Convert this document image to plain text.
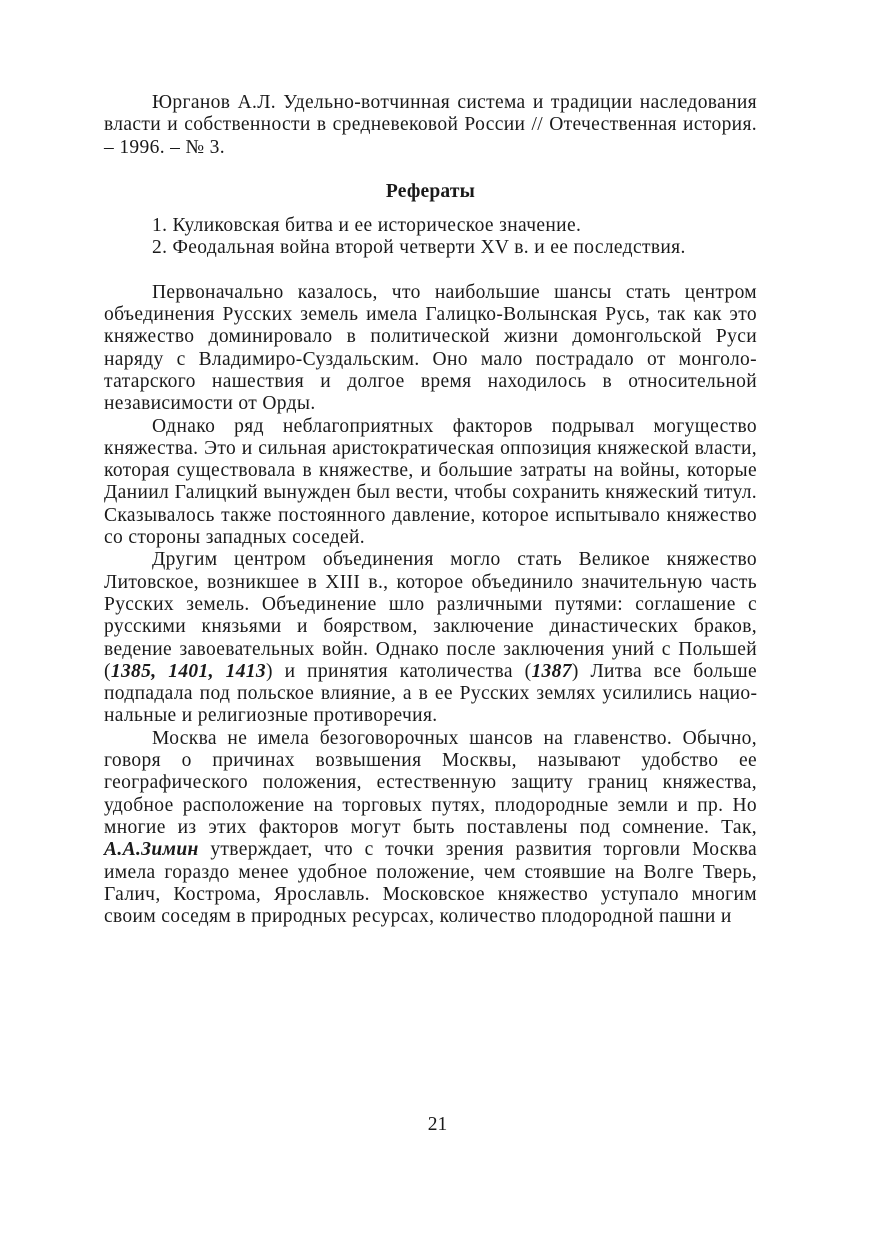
Юрганов А.Л. Удельно-вотчинная система и традиции наследования власти и собственности в средневековой России // Отечественная история. – 1996. – № 3.

Рефераты

1. Куликовская битва и ее историческое значение.

2. Феодальная война второй четверти XV в. и ее последствия.

Первоначально казалось, что наибольшие шансы стать центром объединения Русских земель имела Галицко-Волынская Русь, так как это княжество доминировало в политической жизни домонгольской Руси наряду с Владимиро-Суздальским. Оно мало пострадало от монголо-татарского нашествия и долгое время находилось в относительной независимости от Орды.

Однако ряд неблагоприятных факторов подрывал могущество княжества. Это и сильная аристократическая оппозиция княжеской власти, которая существовала в княжестве, и большие затраты на войны, которые Даниил Галицкий вынужден был вести, чтобы сохранить княжеский титул. Сказывалось также постоянного давление, которое испытывало княжество со стороны западных соседей.

Другим центром объединения могло стать Великое княжество Литовское, возникшее в XIII в., которое объединило значительную часть Русских земель. Объединение шло различными путями: соглашение с русскими князьями и боярством, заключение династических браков, ведение завоевательных войн. Однако после заключения уний с Польшей (1385, 1401, 1413) и принятия католичества (1387) Литва все больше подпадала под польское влияние, а в ее Русских землях усилились национальные и религиозные противоречия.

Москва не имела безоговорочных шансов на главенство. Обычно, говоря о причинах возвышения Москвы, называют удобство ее географического положения, естественную защиту границ княжества, удобное расположение на торговых путях, плодородные земли и пр. Но многие из этих факторов могут быть поставлены под сомнение. Так, А.А.Зимин утверждает, что с точки зрения развития торговли Москва имела гораздо менее удобное положение, чем стоявшие на Волге Тверь, Галич, Кострома, Ярославль. Московское княжество уступало многим своим соседям в природных ресурсах, количество плодородной пашни и

21
